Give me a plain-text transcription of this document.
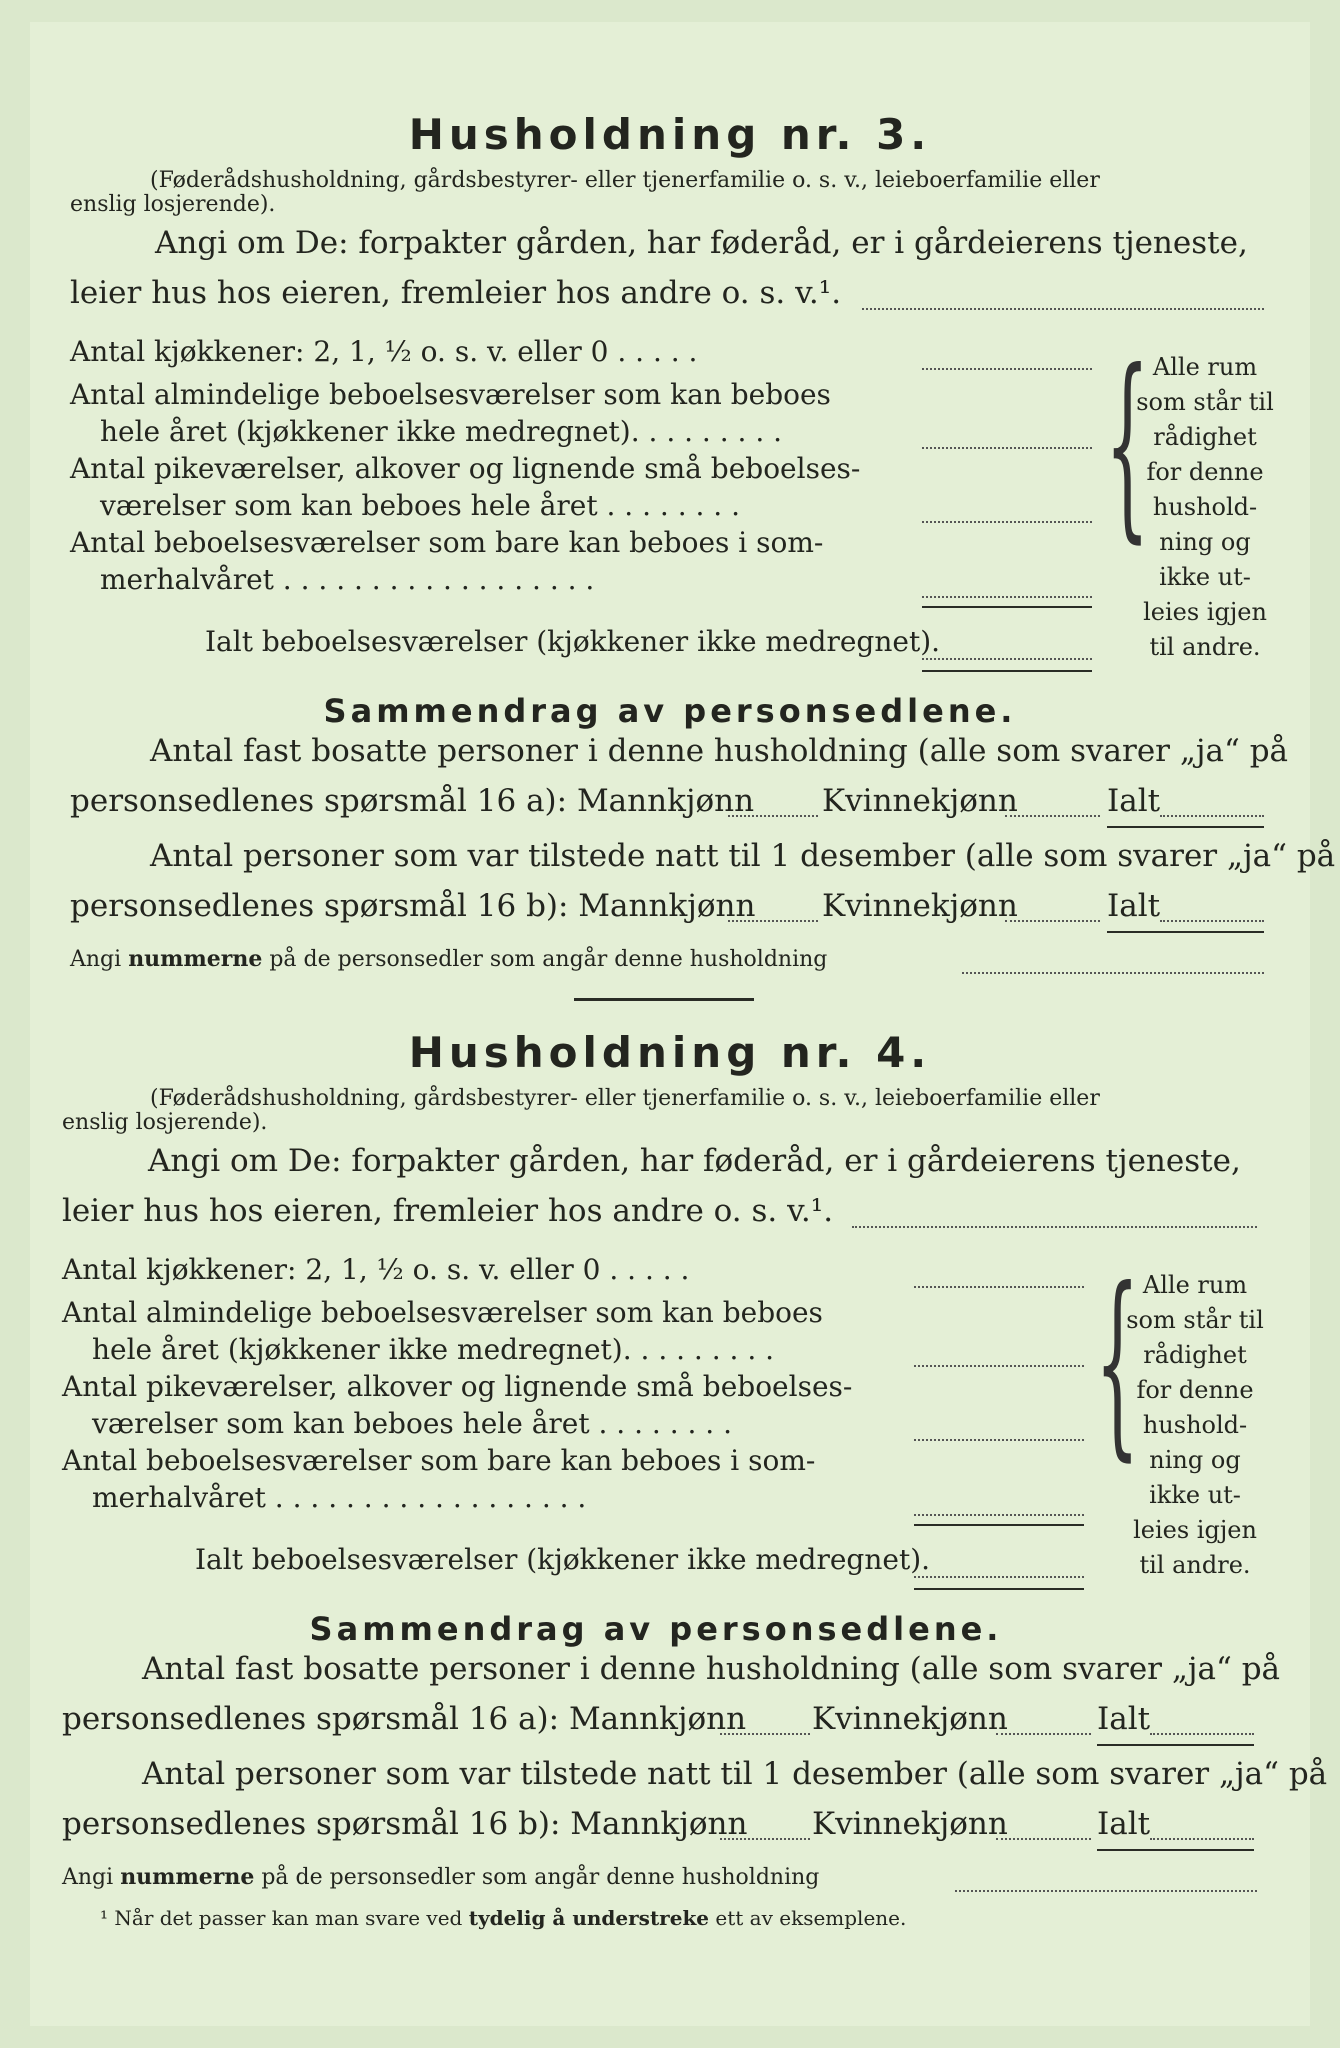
Husholdning nr. 3.
(Føderådshusholdning, gårdsbestyrer- eller tjenerfamilie o. s. v., leieboerfamilie eller
enslig losjerende).
Angi om De: forpakter gården, har føderåd, er i gårdeierens tjeneste,
leier hus hos eieren, fremleier hos andre o. s. v.¹.
Antal kjøkkener: 2, 1, ½ o. s. v. eller 0 . . . . .
Antal almindelige beboelsesværelser som kan beboes
hele året (kjøkkener ikke medregnet). . . . . . . . .
Antal pikeværelser, alkover og lignende små beboelses-
værelser som kan beboes hele året . . . . . . . .
Antal beboelsesværelser som bare kan beboes i som-
merhalvåret . . . . . . . . . . . . . . . . . .
Ialt beboelsesværelser (kjøkkener ikke medregnet).
{ Alle rum
som står til
rådighet
for denne
hushold-
ning og
ikke ut-
leies igjen
til andre.
Sammendrag av personsedlene.
Antal fast bosatte personer i denne husholdning (alle som svarer „ja“ på
personsedlenes spørsmål 16 a): Mannkjønn Kvinnekjønn	Ialt
Antal personer som var tilstede natt til 1 desember (alle som svarer „ja“ på
personsedlenes spørsmål 16 b): Mannkjønn Kvinnekjønn	Ialt
Angi nummerne på de personsedler som angår denne husholdning
Husholdning nr. 4.
(Føderådshusholdning, gårdsbestyrer- eller tjenerfamilie o. s. v., leieboerfamilie eller
enslig losjerende).
Angi om De: forpakter gården, har føderåd, er i gårdeierens tjeneste,
leier hus hos eieren, fremleier hos andre o. s. v.¹.
Antal kjøkkener: 2, 1, ½ o. s. v. eller 0 . . . . .
Antal almindelige beboelsesværelser som kan beboes
hele året (kjøkkener ikke medregnet). . . . . . . . .
Antal pikeværelser, alkover og lignende små beboelses-
værelser som kan beboes hele året . . . . . . . .
Antal beboelsesværelser som bare kan beboes i som-
merhalvåret . . . . . . . . . . . . . . . . . .
Ialt beboelsesværelser (kjøkkener ikke medregnet).
{ Alle rum
som står til
rådighet
for denne
hushold-
ning og
ikke ut-
leies igjen
til andre.
Sammendrag av personsedlene.
Antal fast bosatte personer i denne husholdning (alle som svarer „ja“ på
personsedlenes spørsmål 16 a): Mannkjønn Kvinnekjønn	Ialt
Antal personer som var tilstede natt til 1 desember (alle som svarer „ja“ på
personsedlenes spørsmål 16 b): Mannkjønn Kvinnekjønn	Ialt
Angi nummerne på de personsedler som angår denne husholdning
¹ Når det passer kan man svare ved tydelig å understreke ett av eksemplene.
